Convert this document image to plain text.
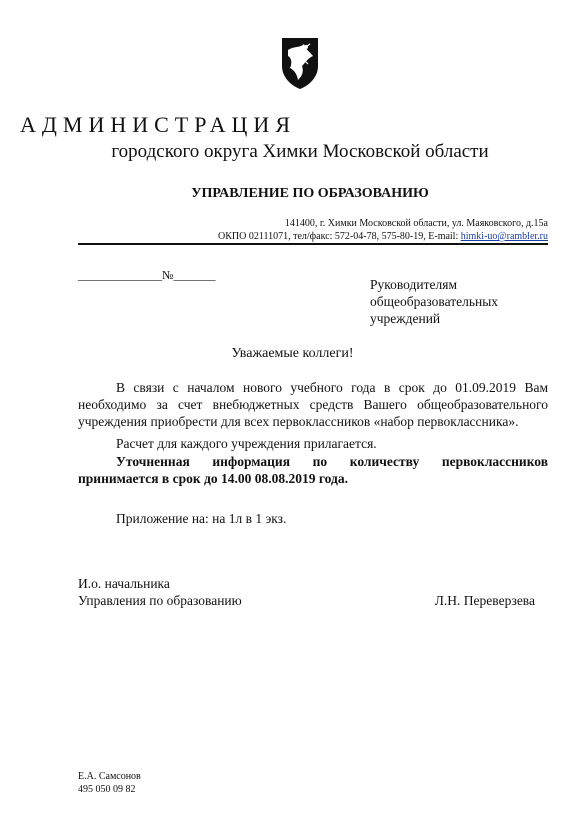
АДМИНИСТРАЦИЯ
городского округа Химки Московской области
УПРАВЛЕНИЕ ПО ОБРАЗОВАНИЮ
141400, г. Химки Московской области, ул. Маяковского, д.15а
ОКПО 02111071, тел/факс: 572-04-78, 575-80-19, E-mail: himki-uo@rambler.ru
______________№_______
Руководителям
общеобразовательных
учреждений
Уважаемые коллеги!
В связи с началом нового учебного года в срок до 01.09.2019 Вам необходимо за счет внебюджетных средств Вашего общеобразовательного учреждения приобрести для всех первоклассников «набор первоклассника».
Расчет для каждого учреждения прилагается.
Уточненная информация по количеству первоклассников принимается в срок до 14.00 08.08.2019 года.
Приложение на: на 1л в 1 экз.
И.о. начальника
Управления по образованию	Л.Н. Переверзева
Е.А. Самсонов
495 050 09 82
